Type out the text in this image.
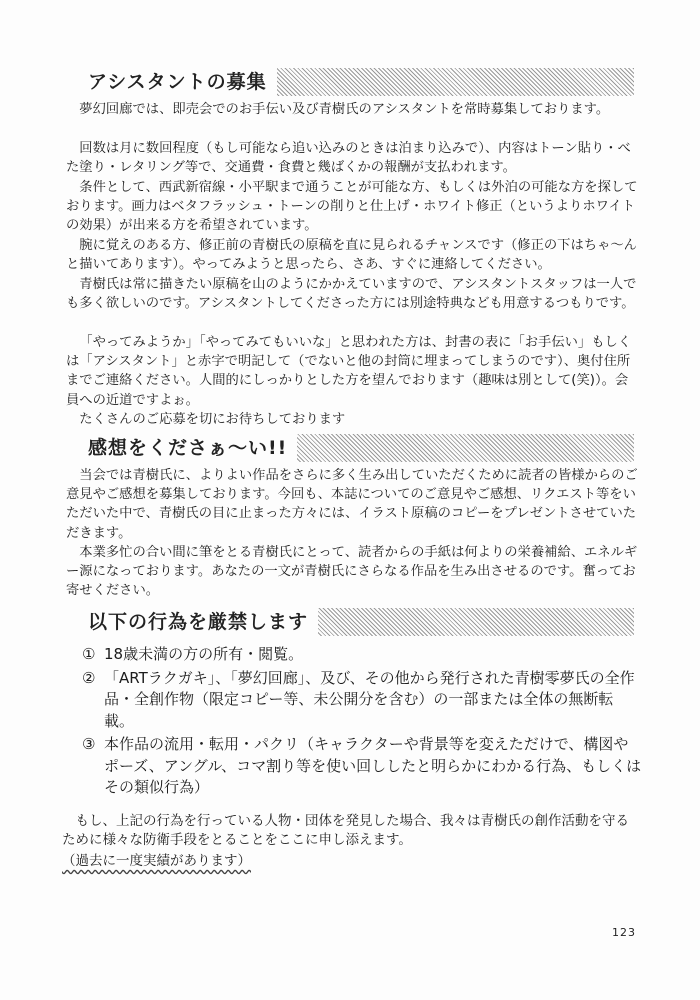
アシスタントの募集

夢幻回廊では、即売会でのお手伝い及び青樹氏のアシスタントを常時募集しております。

回数は月に数回程度（もし可能なら追い込みのときは泊まり込みで）、内容はトーン貼り・べた塗り・レタリング等で、交通費・食費と幾ばくかの報酬が支払われます。

条件として、西武新宿線・小平駅まで通うことが可能な方、もしくは外泊の可能な方を探しております。画力はベタフラッシュ・トーンの削りと仕上げ・ホワイト修正（というよりホワイトの効果）が出来る方を希望されています。

腕に覚えのある方、修正前の青樹氏の原稿を直に見られるチャンスです（修正の下はちゃ〜んと描いてあります）。やってみようと思ったら、さあ、すぐに連絡してください。

青樹氏は常に描きたい原稿を山のようにかかえていますので、アシスタントスタッフは一人でも多く欲しいのです。アシスタントしてくださった方には別途特典なども用意するつもりです。

「やってみようか」「やってみてもいいな」と思われた方は、封書の表に「お手伝い」もしくは「アシスタント」と赤字で明記して（でないと他の封筒に埋まってしまうのです）、奥付住所までご連絡ください。人間的にしっかりとした方を望んでおります（趣味は別として(笑)）。会員への近道ですよぉ。

たくさんのご応募を切にお待ちしております

感想をくださぁ〜い!!

当会では青樹氏に、よりよい作品をさらに多く生み出していただくために読者の皆様からのご意見やご感想を募集しております。今回も、本誌についてのご意見やご感想、リクエスト等をいただいた中で、青樹氏の目に止まった方々には、イラスト原稿のコピーをプレゼントさせていただきます。

本業多忙の合い間に筆をとる青樹氏にとって、読者からの手紙は何よりの栄養補給、エネルギー源になっております。あなたの一文が青樹氏にさらなる作品を生み出させるのです。奮ってお寄せください。

以下の行為を厳禁します
① 18歳未満の方の所有・閲覧。
② 「ARTラクガキ」、「夢幻回廊」、及び、その他から発行された青樹零夢氏の全作品・全創作物（限定コピー等、未公開分を含む）の一部または全体の無断転載。
③ 本作品の流用・転用・パクリ（キャラクターや背景等を変えただけで、構図やポーズ、アングル、コマ割り等を使い回ししたと明らかにわかる行為、もしくはその類似行為）

もし、上記の行為を行っている人物・団体を発見した場合、我々は青樹氏の創作活動を守るために様々な防衛手段をとることをここに申し添えます。

（過去に一度実績があります）

123
